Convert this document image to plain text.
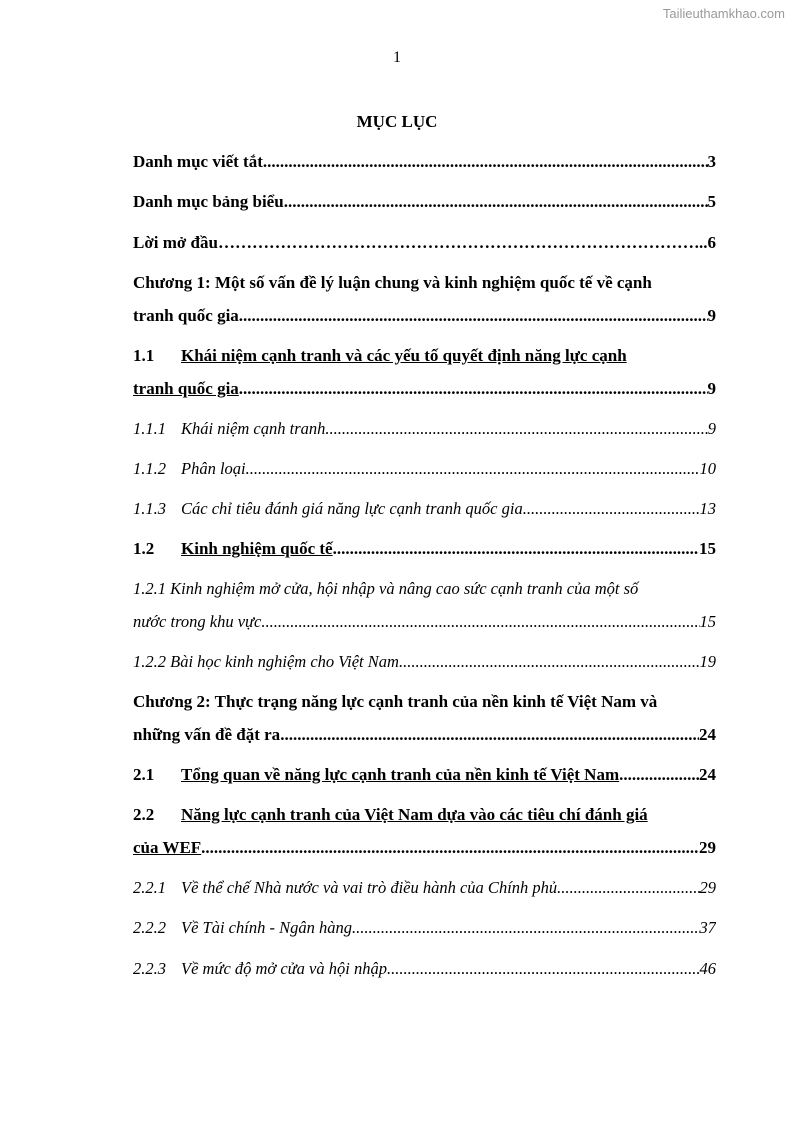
Tailieuthamkhao.com
1
MỤC LỤC
Danh mục viết tắt .....	3
Danh mục bảng biểu .....	5
Lời mở đầu …………………………………………………………………………………………………………………………………………………………………………………………………………	.. 6
Chương 1: Một số vấn đề lý luận chung và kinh nghiệm quốc tế về cạnh
tranh quốc gia .....	9
1.1 Khái niệm cạnh tranh và các yếu tố quyết định năng lực cạnh
tranh quốc gia .....	9
1.1.1 Khái niệm cạnh tranh .....	9
1.1.2 Phân loại .....	10
1.1.3 Các chỉ tiêu đánh giá năng lực cạnh tranh quốc gia .....	13
1.2 Kinh nghiệm quốc tế .....	15
1.2.1 Kinh nghiệm mở cửa, hội nhập và nâng cao sức cạnh tranh của một số
nước trong khu vực .....	15
1.2.2 Bài học kinh nghiệm cho Việt Nam .....	19
Chương 2: Thực trạng năng lực cạnh tranh của nền kinh tế Việt Nam và
những vấn đề đặt ra .....	24
2.1 Tổng quan về năng lực cạnh tranh của nền kinh tế Việt Nam .....	24
2.2 Năng lực cạnh tranh của Việt Nam dựa vào các tiêu chí đánh giá
của WEF .....	29
2.2.1 Về thể chế Nhà nước và vai trò điều hành của Chính phủ .....	29
2.2.2 Về Tài chính - Ngân hàng .....	37
2.2.3 Về mức độ mở cửa và hội nhập .....	46
